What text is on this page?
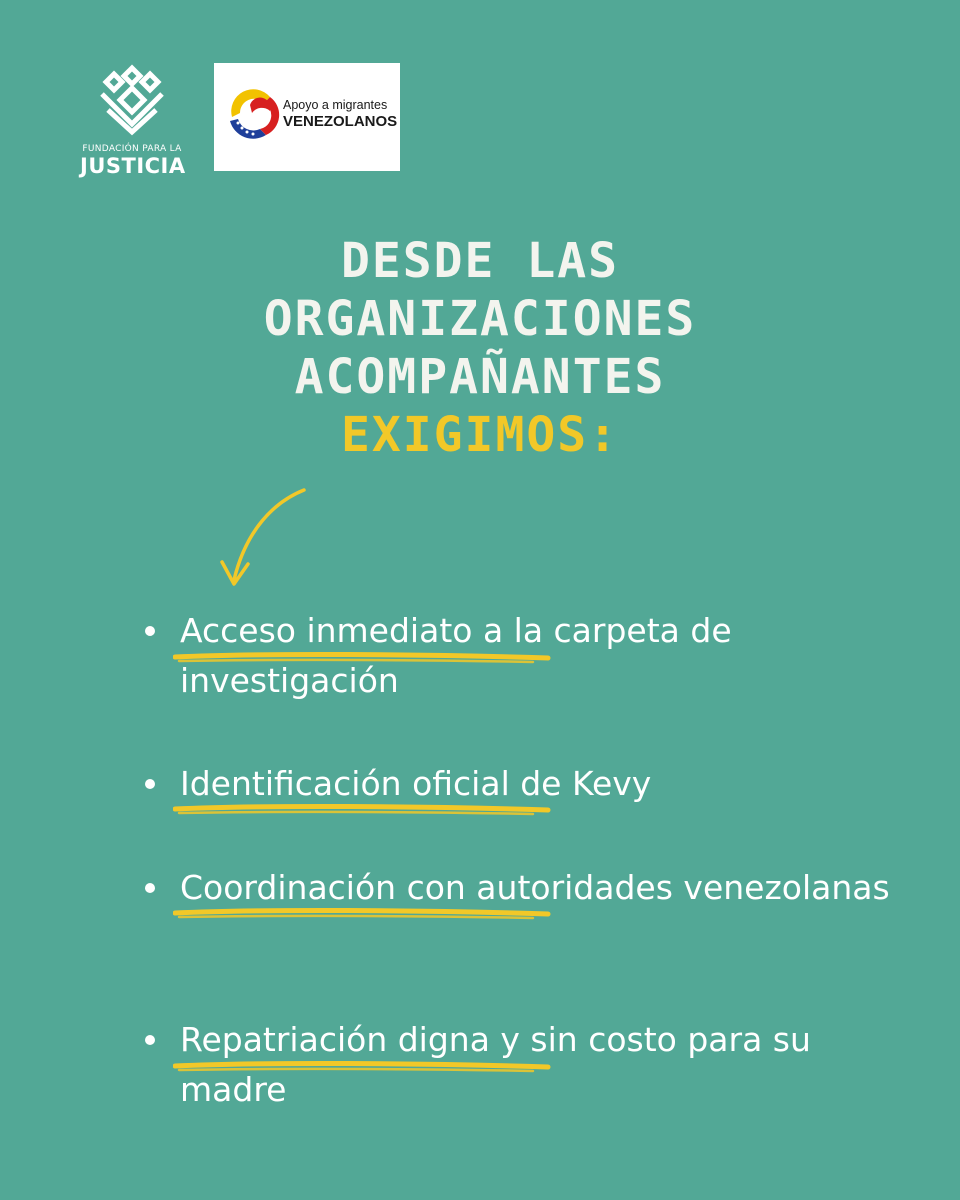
FUNDACIÓN PARA LA
JUSTICIA
Apoyo a migrantes
VENEZOLANOS
DESDE LAS
ORGANIZACIONES
ACOMPAÑANTES
EXIGIMOS:

Acceso inmediato a la carpeta de investigación

Identificación oficial de Kevy

Coordinación con autoridades venezolanas

Repatriación digna y sin costo para su madre
